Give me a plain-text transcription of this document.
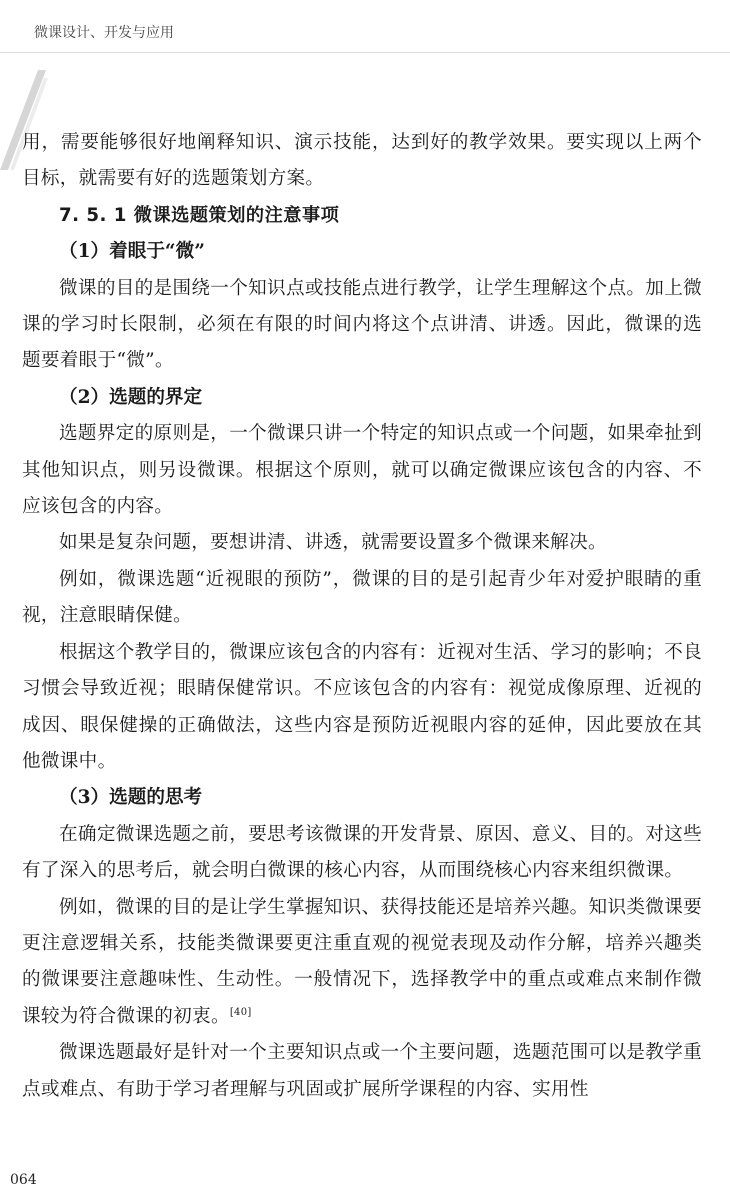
微课设计、开发与应用

用，需要能够很好地阐释知识、演示技能，达到好的教学效果。要实现以上两个目标，就需要有好的选题策划方案。

7. 5. 1 微课选题策划的注意事项

（1）着眼于“微”

微课的目的是围绕一个知识点或技能点进行教学，让学生理解这个点。加上微课的学习时长限制，必须在有限的时间内将这个点讲清、讲透。因此，微课的选题要着眼于“微”。

（2）选题的界定

选题界定的原则是，一个微课只讲一个特定的知识点或一个问题，如果牵扯到其他知识点，则另设微课。根据这个原则，就可以确定微课应该包含的内容、不应该包含的内容。

如果是复杂问题，要想讲清、讲透，就需要设置多个微课来解决。

例如，微课选题“近视眼的预防”，微课的目的是引起青少年对爱护眼睛的重视，注意眼睛保健。

根据这个教学目的，微课应该包含的内容有：近视对生活、学习的影响；不良习惯会导致近视；眼睛保健常识。不应该包含的内容有：视觉成像原理、近视的成因、眼保健操的正确做法，这些内容是预防近视眼内容的延伸，因此要放在其他微课中。

（3）选题的思考

在确定微课选题之前，要思考该微课的开发背景、原因、意义、目的。对这些有了深入的思考后，就会明白微课的核心内容，从而围绕核心内容来组织微课。

例如，微课的目的是让学生掌握知识、获得技能还是培养兴趣。知识类微课要更注意逻辑关系，技能类微课要更注重直观的视觉表现及动作分解，培养兴趣类的微课要注意趣味性、生动性。一般情况下，选择教学中的重点或难点来制作微课较为符合微课的初衷。[40]

微课选题最好是针对一个主要知识点或一个主要问题，选题范围可以是教学重点或难点、有助于学习者理解与巩固或扩展所学课程的内容、实用性

064
